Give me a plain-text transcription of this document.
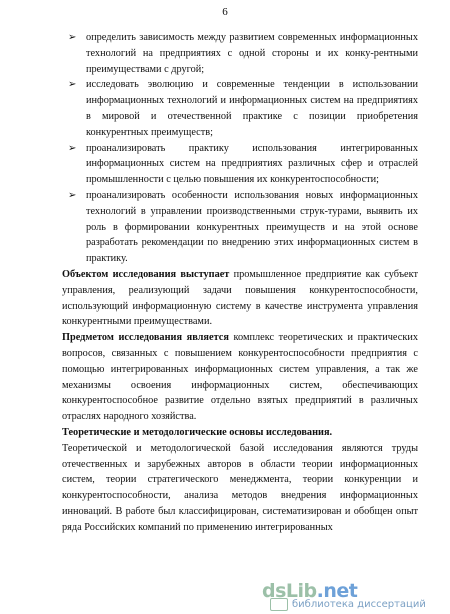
6
➢ определить зависимость между развитием современных информационных технологий на предприятиях с одной стороны и их конку-рентными преимуществами с другой;
➢ исследовать эволюцию и современные тенденции в использовании информационных технологий и информационных систем на предприятиях в мировой и отечественной практике с позиции приобретения конкурентных преимуществ;
➢ проанализировать практику использования интегрированных информационных систем на предприятиях различных сфер и отраслей промышленности с целью повышения их конкурентоспособности;
➢ проанализировать особенности использования новых информационных технологий в управлении производственными струк-турами, выявить их роль в формировании конкурентных преимуществ и на этой основе разработать рекомендации по внедрению этих информационных систем в практику.

Объектом исследования выступает промышленное предприятие как субъект управления, реализующий задачи повышения конкурентоспособности, использующий информационную систему в качестве инструмента управления конкурентными преимуществами.

Предметом исследования является комплекс теоретических и практических вопросов, связанных с повышением конкурентоспособности предприятия с помощью интегрированных информационных систем управления, а так же механизмы освоения информационных систем, обеспечивающих конкурентоспособное развитие отдельно взятых предприятий в различных отраслях народного хозяйства.

Теоретические и методологические основы исследования.

Теоретической и методологической базой исследования являются труды отечественных и зарубежных авторов в области теории информационных систем, теории стратегического менеджмента, теории конкуренции и конкурентоспособности, анализа методов внедрения информационных инноваций. В работе был классифицирован, систематизирован и обобщен опыт ряда Российских компаний по применению интегрированных

dsLib.net
библиотека диссертаций
